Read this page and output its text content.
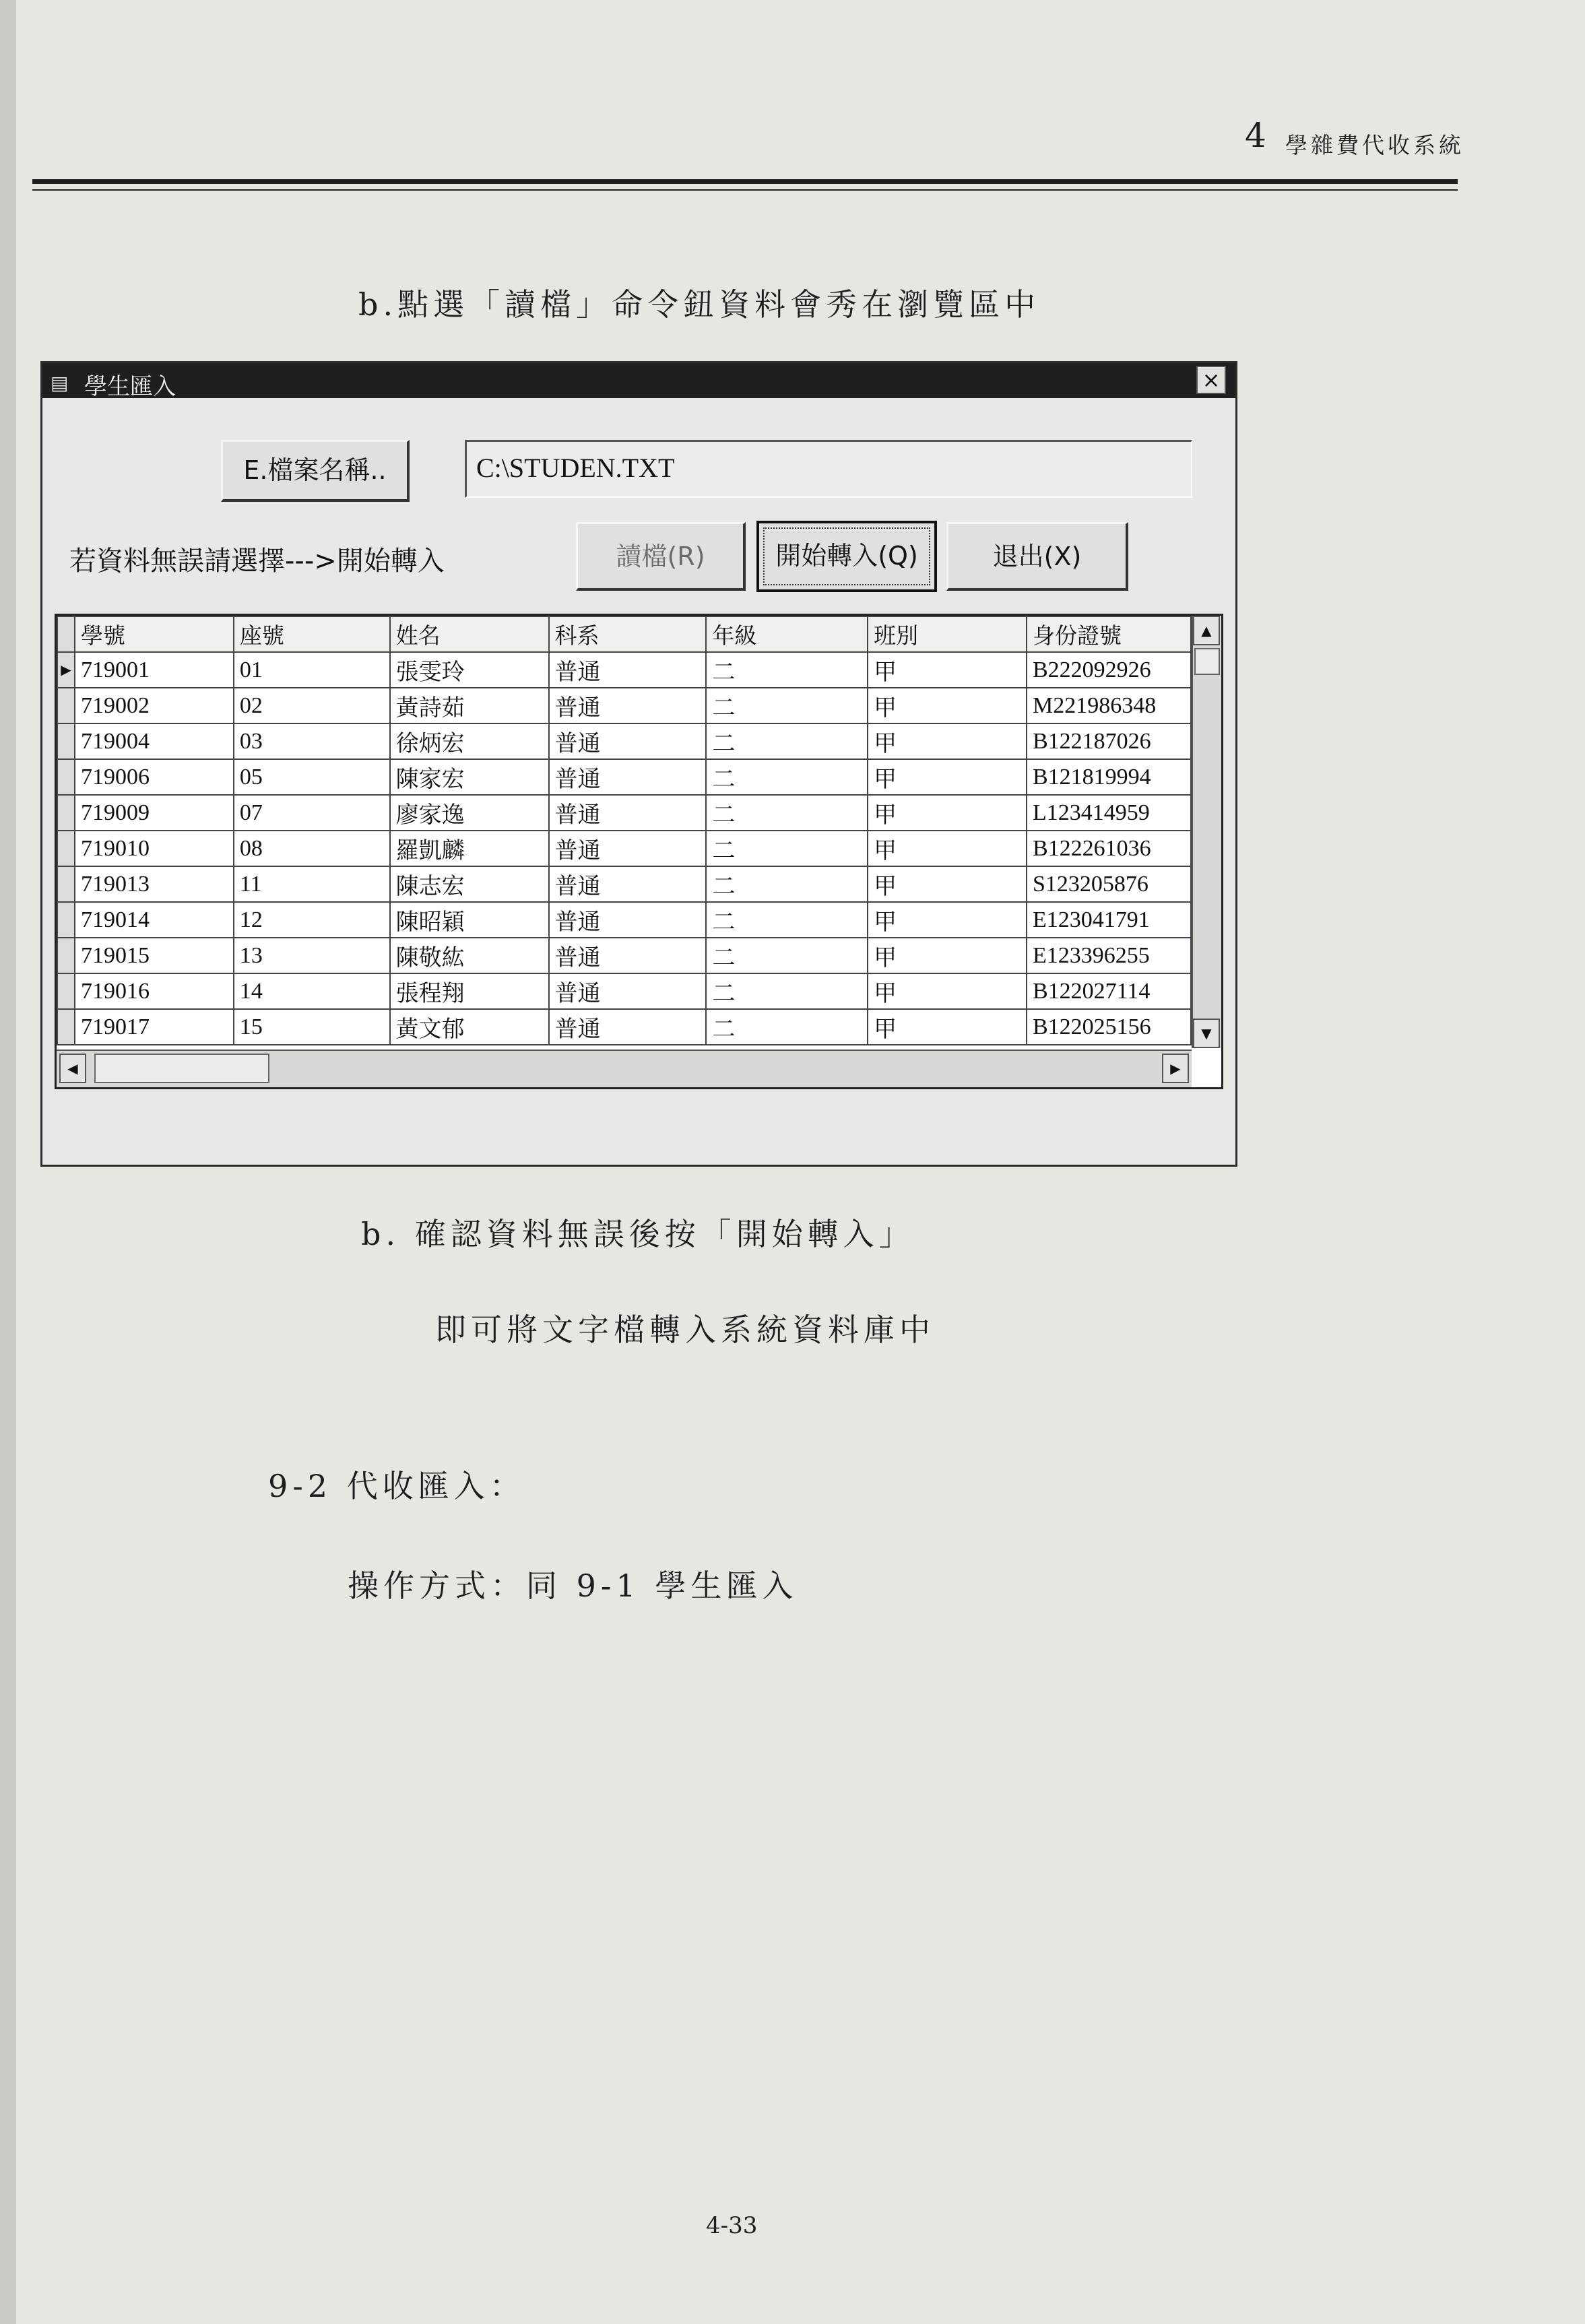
4 學雜費代收系統
b.點選「讀檔」命令鈕資料會秀在瀏覽區中
▤ 學生匯入	×
E.檔案名稱..	C:\STUDEN.TXT
若資料無誤請選擇--->開始轉入	讀檔(R)	開始轉入(Q)	退出(X)
	學號	座號	姓名	科系	年級	班別	身份證號
▶	719001	01	張雯玲	普通	二	甲	B222092926
	719002	02	黃詩茹	普通	二	甲	M221986348
	719004	03	徐炳宏	普通	二	甲	B122187026
	719006	05	陳家宏	普通	二	甲	B121819994
	719009	07	廖家逸	普通	二	甲	L123414959
	719010	08	羅凱麟	普通	二	甲	B122261036
	719013	11	陳志宏	普通	二	甲	S123205876
	719014	12	陳昭穎	普通	二	甲	E123041791
	719015	13	陳敬紘	普通	二	甲	E123396255
	719016	14	張程翔	普通	二	甲	B122027114
	719017	15	黃文郁	普通	二	甲	B122025156
▲
▼
◀	▶
b. 確認資料無誤後按「開始轉入」
即可將文字檔轉入系統資料庫中
9-2 代收匯入：
操作方式：同 9-1 學生匯入
4-33
